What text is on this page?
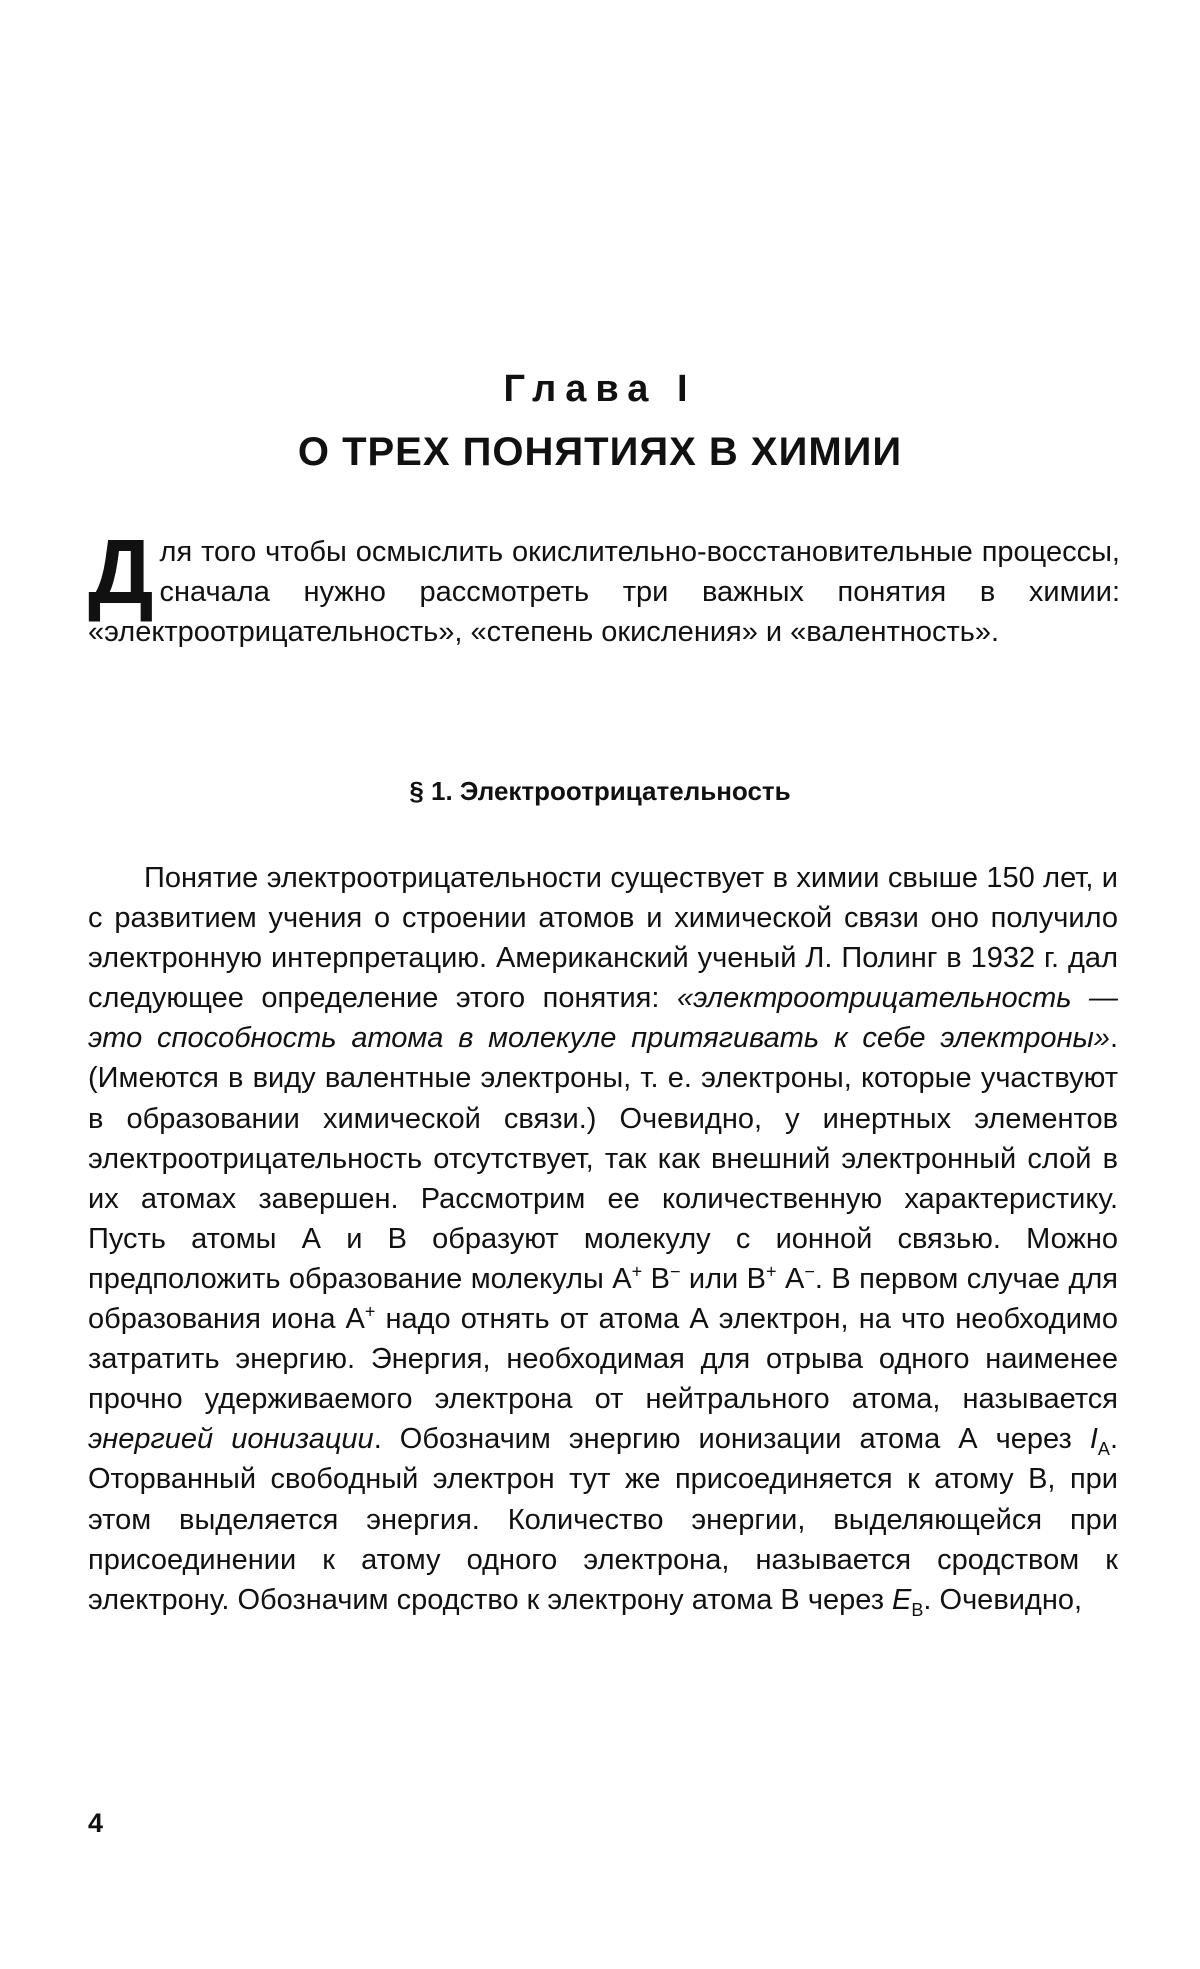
Глава I
О ТРЕХ ПОНЯТИЯХ В ХИМИИ
Для того чтобы осмыслить окислительно-восстановительные процессы, сначала нужно рассмотреть три важных понятия в химии: «электроотрицательность», «степень окисления» и «валентность».
§ 1. Электроотрицательность

Понятие электроотрицательности существует в химии свыше 150 лет, и с развитием учения о строении атомов и химической связи оно получило электронную интерпретацию. Американский ученый Л. Полинг в 1932 г. дал следующее определение этого понятия: «электроотрицательность — это способность атома в молекуле притягивать к себе электроны». (Имеются в виду валентные электроны, т. е. электроны, которые участвуют в образовании химической связи.) Очевидно, у инертных элементов электроотрицательность отсутствует, так как внешний электронный слой в их атомах завершен. Рассмотрим ее количественную характеристику. Пусть атомы А и В образуют молекулу с ионной связью. Можно предположить образование молекулы А+ В− или В+ А−. В первом случае для образования иона А+ надо отнять от атома А электрон, на что необходимо затратить энергию. Энергия, необходимая для отрыва одного наименее прочно удерживаемого электрона от нейтрального атома, называется энергией ионизации. Обозначим энергию ионизации атома А через $I_A$. Оторванный свободный электрон тут же присоединяется к атому В, при этом выделяется энергия. Количество энергии, выделяющейся при присоединении к атому одного электрона, называется сродством к электрону. Обозначим сродство к электрону атома В через $E_B$. Очевидно,

4
